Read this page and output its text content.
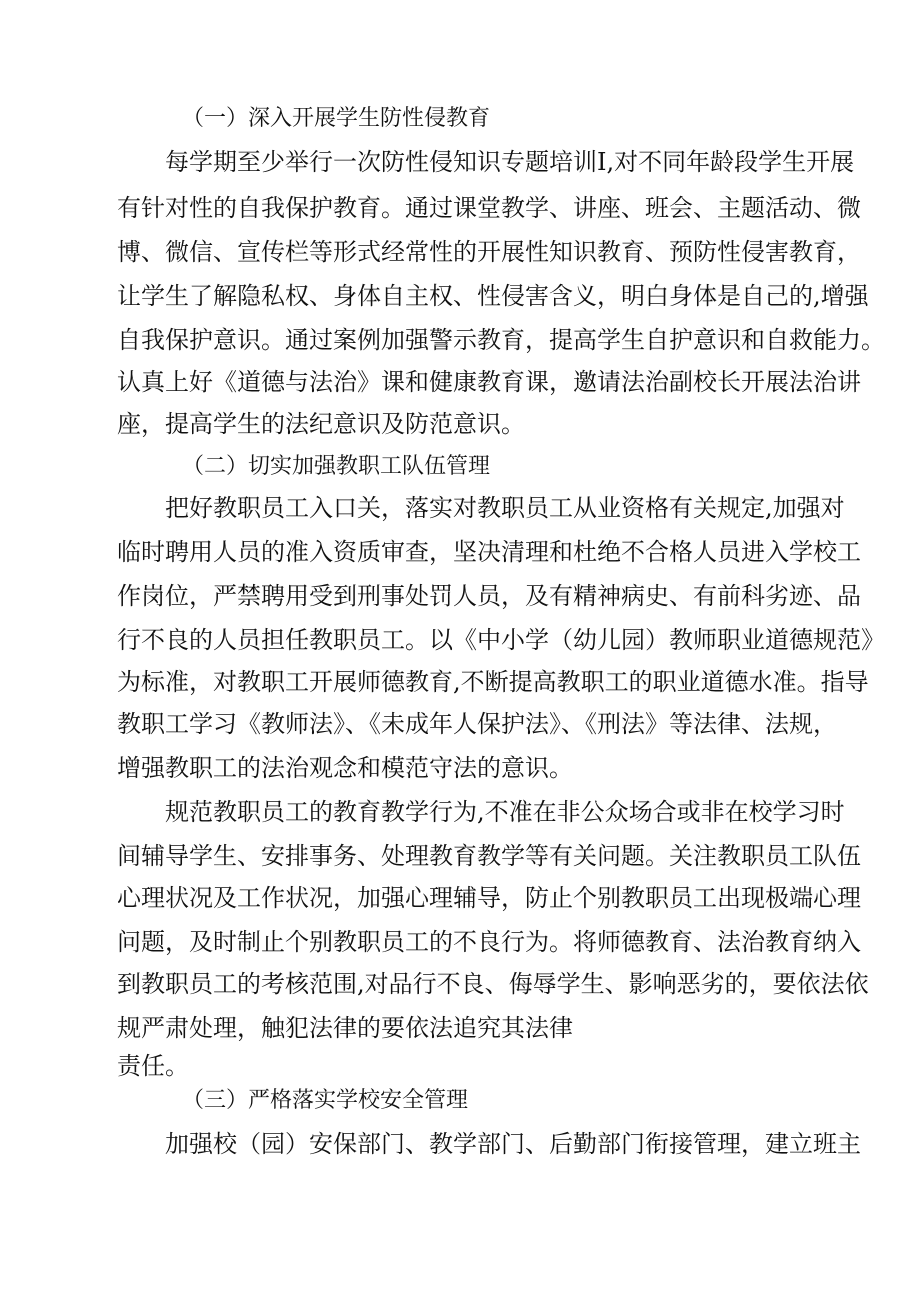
（一）深入开展学生防性侵教育
每学期至少举行一次防性侵知识专题培训I,对不同年龄段学生开展
有针对性的自我保护教育。通过课堂教学、讲座、班会、主题活动、微
博、微信、宣传栏等形式经常性的开展性知识教育、预防性侵害教育，
让学生了解隐私权、身体自主权、性侵害含义，明白身体是自己的,增强
自我保护意识。通过案例加强警示教育，提高学生自护意识和自救能力。
认真上好《道德与法治》课和健康教育课，邀请法治副校长开展法治讲
座，提高学生的法纪意识及防范意识。
（二）切实加强教职工队伍管理
把好教职员工入口关，落实对教职员工从业资格有关规定,加强对
临时聘用人员的准入资质审查，坚决清理和杜绝不合格人员进入学校工
作岗位，严禁聘用受到刑事处罚人员，及有精神病史、有前科劣迹、品
行不良的人员担任教职员工。以《中小学（幼儿园）教师职业道德规范》
为标准，对教职工开展师德教育,不断提高教职工的职业道德水准。指导
教职工学习《教师法》、《未成年人保护法》、《刑法》等法律、法规，
增强教职工的法治观念和模范守法的意识。
规范教职员工的教育教学行为,不准在非公众场合或非在校学习时
间辅导学生、安排事务、处理教育教学等有关问题。关注教职员工队伍
心理状况及工作状况，加强心理辅导，防止个别教职员工出现极端心理
问题，及时制止个别教职员工的不良行为。将师德教育、法治教育纳入
到教职员工的考核范围,对品行不良、侮辱学生、影响恶劣的，要依法依
规严肃处理，触犯法律的要依法追究其法律
责任。
（三）严格落实学校安全管理
加强校（园）安保部门、教学部门、后勤部门衔接管理，建立班主
